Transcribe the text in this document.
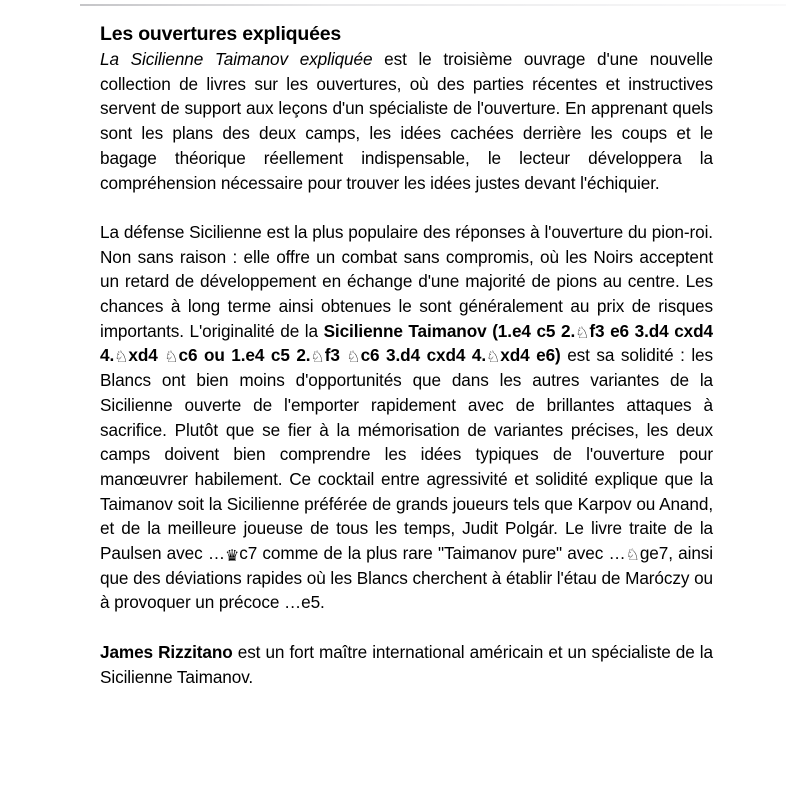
Les ouvertures expliquées

La Sicilienne Taimanov expliquée est le troisième ouvrage d'une nouvelle collection de livres sur les ouvertures, où des parties récentes et instructives servent de support aux leçons d'un spécialiste de l'ouverture. En apprenant quels sont les plans des deux camps, les idées cachées derrière les coups et le bagage théorique réellement indispensable, le lecteur développera la compréhension nécessaire pour trouver les idées justes devant l'échiquier.

La défense Sicilienne est la plus populaire des réponses à l'ouverture du pion-roi. Non sans raison : elle offre un combat sans compromis, où les Noirs acceptent un retard de développement en échange d'une majorité de pions au centre. Les chances à long terme ainsi obtenues le sont généralement au prix de risques importants. L'originalité de la Sicilienne Taimanov (1.e4 c5 2.♘f3 e6 3.d4 cxd4 4.♘xd4 ♘c6 ou 1.e4 c5 2.♘f3 ♘c6 3.d4 cxd4 4.♘xd4 e6) est sa solidité : les Blancs ont bien moins d'opportunités que dans les autres variantes de la Sicilienne ouverte de l'emporter rapidement avec de brillantes attaques à sacrifice. Plutôt que se fier à la mémorisation de variantes précises, les deux camps doivent bien comprendre les idées typiques de l'ouverture pour manœuvrer habilement. Ce cocktail entre agressivité et solidité explique que la Taimanov soit la Sicilienne préférée de grands joueurs tels que Karpov ou Anand, et de la meilleure joueuse de tous les temps, Judit Polgár. Le livre traite de la Paulsen avec …♛c7 comme de la plus rare "Taimanov pure" avec …♘ge7, ainsi que des déviations rapides où les Blancs cherchent à établir l'étau de Maróczy ou à provoquer un précoce …e5.

James Rizzitano est un fort maître international américain et un spécialiste de la Sicilienne Taimanov.
